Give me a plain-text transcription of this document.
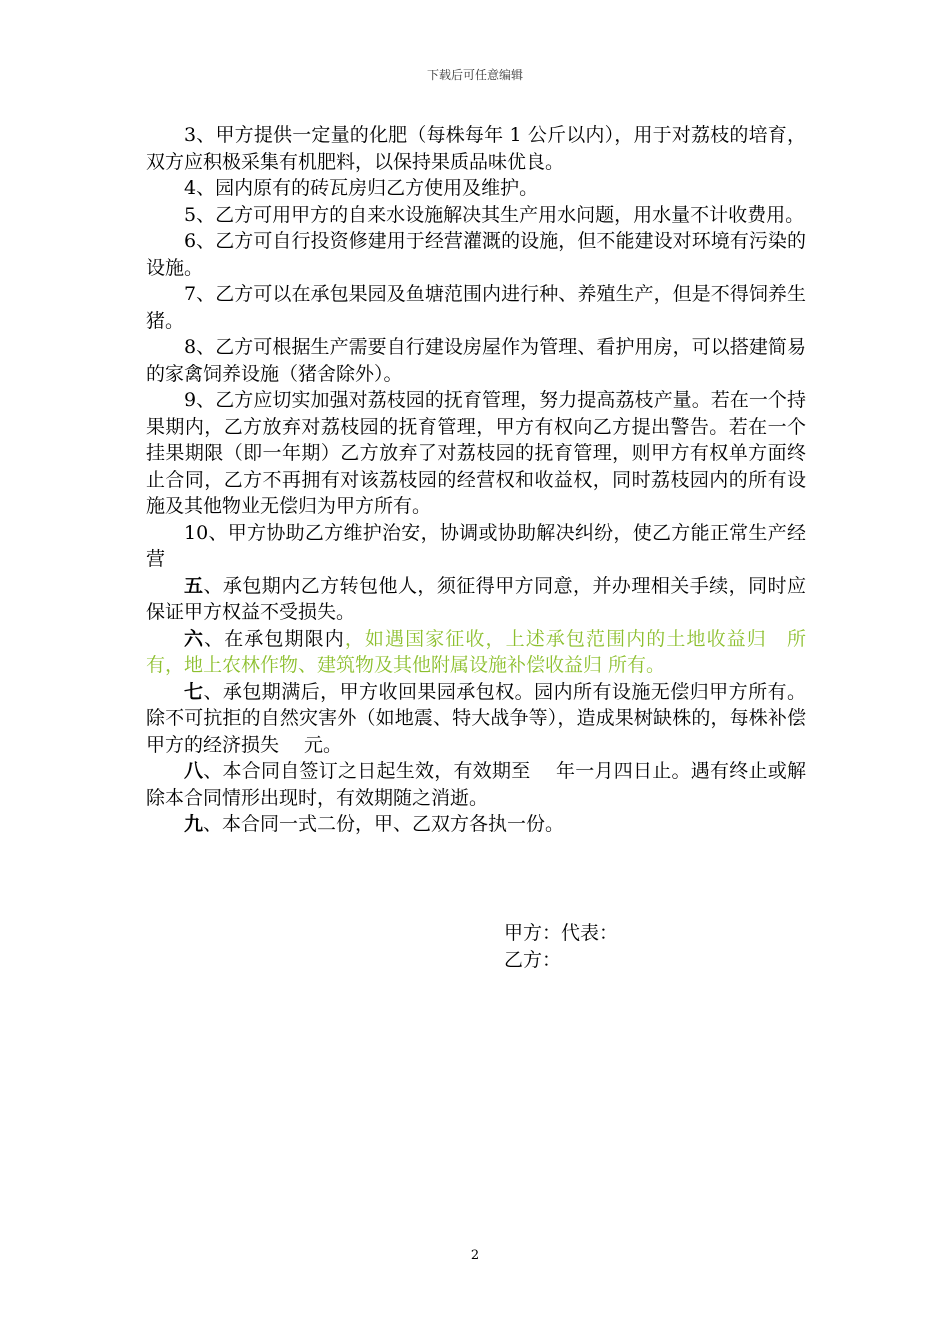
下载后可任意编辑

3、甲方提供一定量的化肥（每株每年 1 公斤以内），用于对荔枝的培育，双方应积极采集有机肥料，以保持果质品味优良。

4、园内原有的砖瓦房归乙方使用及维护。

5、乙方可用甲方的自来水设施解决其生产用水问题，用水量不计收费用。

6、乙方可自行投资修建用于经营灌溉的设施，但不能建设对环境有污染的设施。

7、乙方可以在承包果园及鱼塘范围内进行种、养殖生产，但是不得饲养生猪。

8、乙方可根据生产需要自行建设房屋作为管理、看护用房，可以搭建简易的家禽饲养设施（猪舍除外）。

9、乙方应切实加强对荔枝园的抚育管理，努力提高荔枝产量。若在一个持果期内，乙方放弃对荔枝园的抚育管理，甲方有权向乙方提出警告。若在一个挂果期限（即一年期）乙方放弃了对荔枝园的抚育管理，则甲方有权单方面终止合同，乙方不再拥有对该荔枝园的经营权和收益权，同时荔枝园内的所有设施及其他物业无偿归为甲方所有。

10、甲方协助乙方维护治安，协调或协助解决纠纷，使乙方能正常生产经营

五、承包期内乙方转包他人，须征得甲方同意，并办理相关手续，同时应保证甲方权益不受损失。

六、在承包期限内，如遇国家征收，上述承包范围内的土地收益归　所有，地上农林作物、建筑物及其他附属设施补偿收益归 所有。

七、承包期满后，甲方收回果园承包权。园内所有设施无偿归甲方所有。除不可抗拒的自然灾害外（如地震、特大战争等），造成果树缺株的，每株补偿甲方的经济损失　 元。

八、本合同自签订之日起生效，有效期至　 年一月四日止。遇有终止或解除本合同情形出现时，有效期随之消逝。

九、本合同一式二份，甲、乙双方各执一份。

甲方：代表：
乙方：
2
